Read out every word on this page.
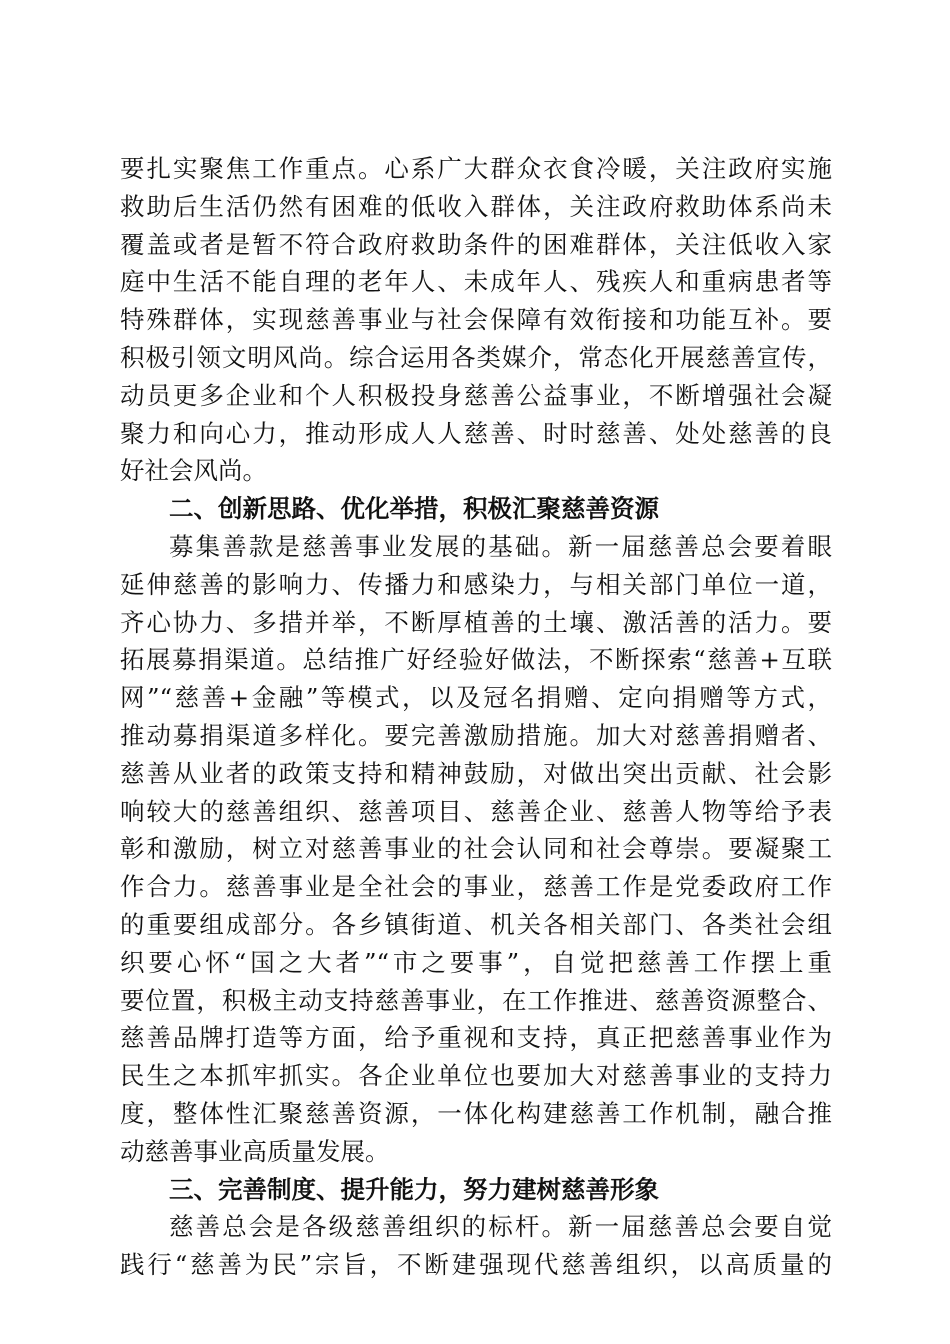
要扎实聚焦工作重点。心系广大群众衣食冷暖，关注政府实施
救助后生活仍然有困难的低收入群体，关注政府救助体系尚未
覆盖或者是暂不符合政府救助条件的困难群体，关注低收入家
庭中生活不能自理的老年人、未成年人、残疾人和重病患者等
特殊群体，实现慈善事业与社会保障有效衔接和功能互补。要
积极引领文明风尚。综合运用各类媒介，常态化开展慈善宣传，
动员更多企业和个人积极投身慈善公益事业，不断增强社会凝
聚力和向心力，推动形成人人慈善、时时慈善、处处慈善的良
好社会风尚。
二、创新思路、优化举措，积极汇聚慈善资源
募集善款是慈善事业发展的基础。新一届慈善总会要着眼
延伸慈善的影响力、传播力和感染力，与相关部门单位一道，
齐心协力、多措并举，不断厚植善的土壤、激活善的活力。要
拓展募捐渠道。总结推广好经验好做法，不断探索“慈善+互联
网”“慈善+金融”等模式，以及冠名捐赠、定向捐赠等方式，
推动募捐渠道多样化。要完善激励措施。加大对慈善捐赠者、
慈善从业者的政策支持和精神鼓励，对做出突出贡献、社会影
响较大的慈善组织、慈善项目、慈善企业、慈善人物等给予表
彰和激励，树立对慈善事业的社会认同和社会尊崇。要凝聚工
作合力。慈善事业是全社会的事业，慈善工作是党委政府工作
的重要组成部分。各乡镇街道、机关各相关部门、各类社会组
织要心怀“国之大者”“市之要事”，自觉把慈善工作摆上重
要位置，积极主动支持慈善事业，在工作推进、慈善资源整合、
慈善品牌打造等方面，给予重视和支持，真正把慈善事业作为
民生之本抓牢抓实。各企业单位也要加大对慈善事业的支持力
度，整体性汇聚慈善资源，一体化构建慈善工作机制，融合推
动慈善事业高质量发展。
三、完善制度、提升能力，努力建树慈善形象
慈善总会是各级慈善组织的标杆。新一届慈善总会要自觉
践行“慈善为民”宗旨，不断建强现代慈善组织，以高质量的
